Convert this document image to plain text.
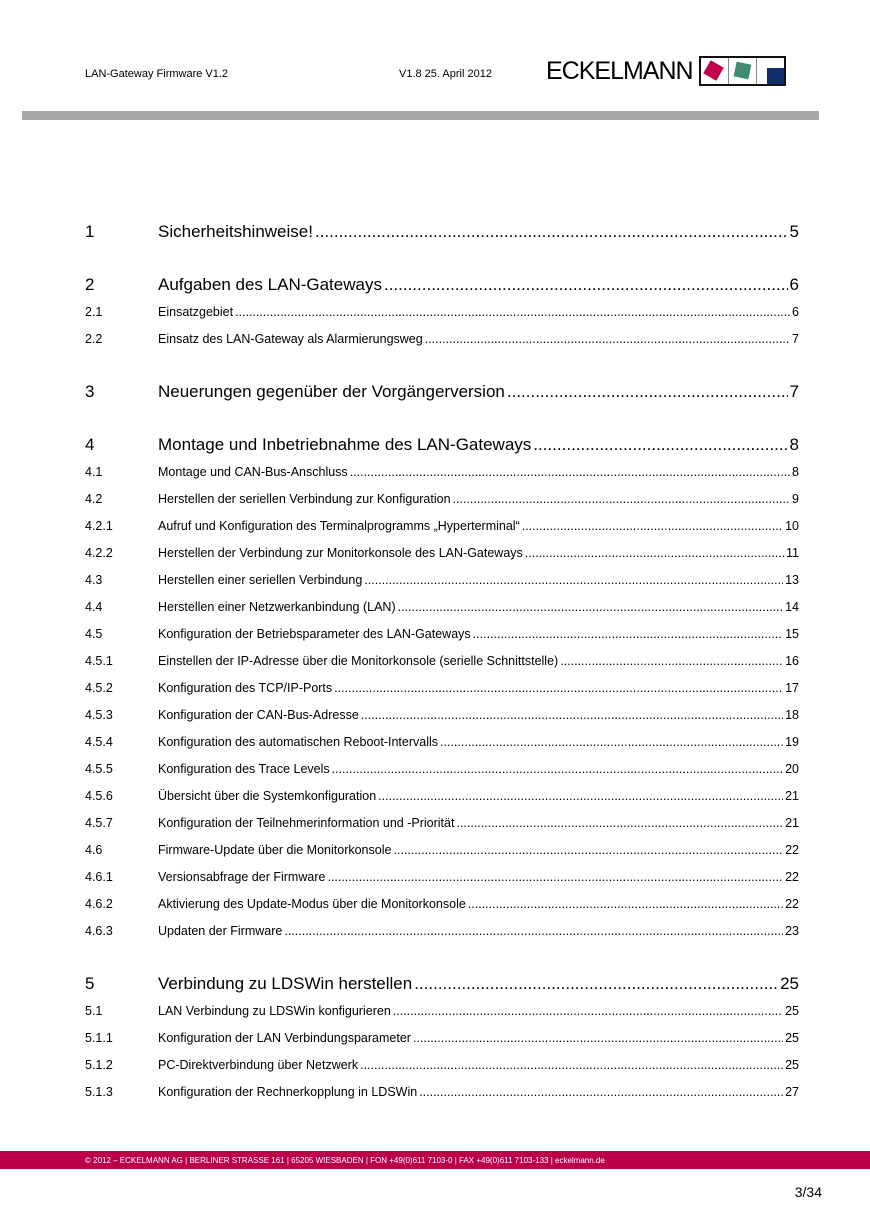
LAN-Gateway Firmware V1.2	V1.8 25. April 2012 ECKELMANN
1	Sicherheitshinweise! .....	5
2	Aufgaben des LAN-Gateways .....	6
2.1	Einsatzgebiet .....	6
2.2	Einsatz des LAN-Gateway als Alarmierungsweg .....	7
3	Neuerungen gegenüber der Vorgängerversion .....	7
4	Montage und Inbetriebnahme des LAN-Gateways .....	8
4.1	Montage und CAN-Bus-Anschluss .....	8
4.2	Herstellen der seriellen Verbindung zur Konfiguration .....	9
4.2.1	Aufruf und Konfiguration des Terminalprogramms „Hyperterminal“ .....	10
4.2.2	Herstellen der Verbindung zur Monitorkonsole des LAN-Gateways .....	11
4.3	Herstellen einer seriellen Verbindung .....	13
4.4	Herstellen einer Netzwerkanbindung (LAN) .....	14
4.5	Konfiguration der Betriebsparameter des LAN-Gateways .....	15
4.5.1	Einstellen der IP-Adresse über die Monitorkonsole (serielle Schnittstelle) .....	16
4.5.2	Konfiguration des TCP/IP-Ports .....	17
4.5.3	Konfiguration der CAN-Bus-Adresse .....	18
4.5.4	Konfiguration des automatischen Reboot-Intervalls .....	19
4.5.5	Konfiguration des Trace Levels .....	20
4.5.6	Übersicht über die Systemkonfiguration .....	21
4.5.7	Konfiguration der Teilnehmerinformation und -Priorität .....	21
4.6	Firmware-Update über die Monitorkonsole .....	22
4.6.1	Versionsabfrage der Firmware .....	22
4.6.2	Aktivierung des Update-Modus über die Monitorkonsole .....	22
4.6.3	Updaten der Firmware .....	23
5	Verbindung zu LDSWin herstellen .....	25
5.1	LAN Verbindung zu LDSWin konfigurieren .....	25
5.1.1	Konfiguration der LAN Verbindungsparameter .....	25
5.1.2	PC-Direktverbindung über Netzwerk .....	25
5.1.3	Konfiguration der Rechnerkopplung in LDSWin .....	27
© 2012 – ECKELMANN AG | BERLINER STRASSE 161 | 65205 WIESBADEN | FON +49(0)611 7103-0 | FAX +49(0)611 7103-133 | eckelmann.de
3/34
